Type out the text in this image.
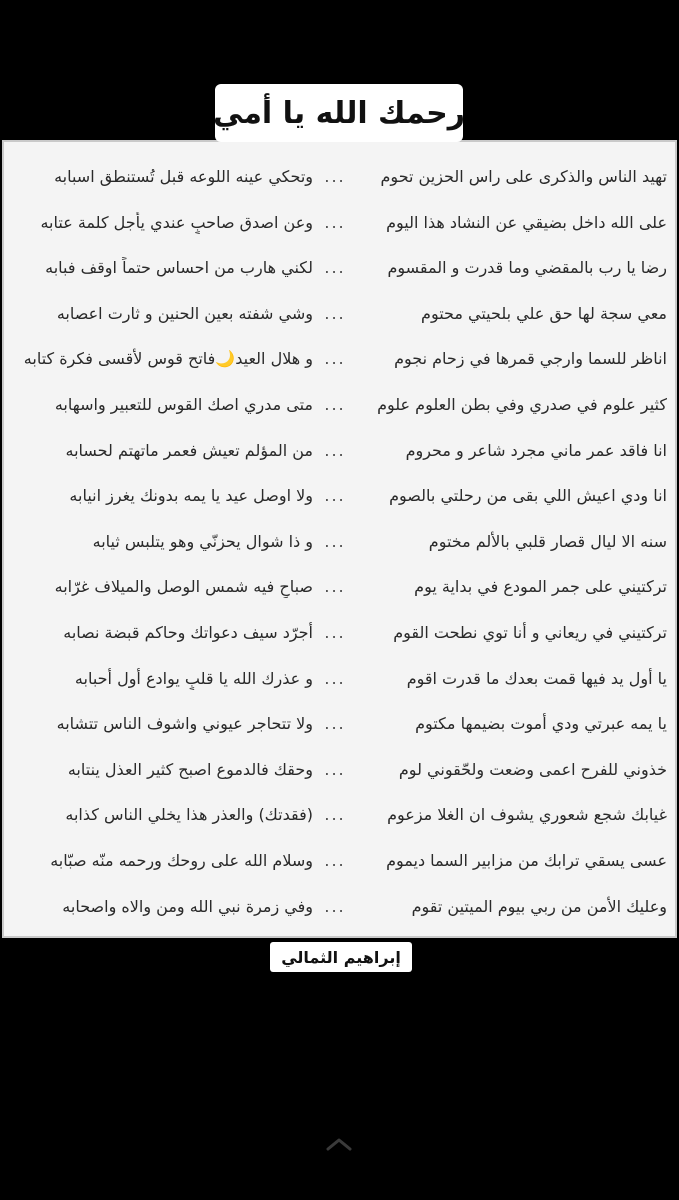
رحمك الله يا أمي
تهيد الناس والذكرى على راس الحزين تحوم
...
وتحكي عينه اللوعه قبل تُستنطق اسبابه
على الله داخل بضيقي عن النشاد هذا اليوم
...
وعن اصدق صاحبٍ عندي يأجل كلمة عتابه
رضا يا رب بالمقضي وما قدرت و المقسوم
...
لكني هارب من احساس حتماً اوقف فبابه
معي سجة لها حق علي بلحيتي محتوم
...
وشي شفته بعين الحنين و ثارت اعصابه
اناظر للسما وارجي قمرها في زحام نجوم
...
و هلال العيد🌙فاتح قوس لأقسى فكرة كتابه
كثير علوم في صدري وفي بطن العلوم علوم
...
متى مدري اصك القوس للتعبير واسهابه
انا فاقد عمر ماني مجرد شاعر و محروم
...
من المؤلم تعيش فعمر ماتهتم لحسابه
انا ودي اعيش اللي بقى من رحلتي بالصوم
...
ولا اوصل عيد يا يمه بدونك يغرز انيابه
سنه الا ليال قصار قلبي بالألم مختوم
...
و ذا شوال يحزنّي وهو يتلبس ثيابه
تركتيني على جمر المودع في بداية يوم
...
صباحٍ فيه شمس الوصل والميلاف غرّابه
تركتيني في ريعاني و أنا توي نطحت القوم
...
أجرّد سيف دعواتك وحاكم قبضة نصابه
يا أول يد فيها قمت بعدك ما قدرت اقوم
...
و عذرك الله يا قلبٍ يوادع أول أحبابه
يا يمه عبرتي ودي أموت بضيمها مكتوم
...
ولا تتحاجر عيوني واشوف الناس تتشابه
خذوني للفرح اعمى وضعت ولحّقوني لوم
...
وحقك فالدموع اصبح كثير العذل ينتابه
غيابك شجع شعوري يشوف ان الغلا مزعوم
...
(فقدتك) والعذر هذا يخلي الناس كذابه
عسى يسقي ترابك من مزابير السما ديموم
...
وسلام الله على روحك ورحمه منّه صبّابه
وعليك الأمن من ربي بيوم الميتين تقوم
...
وفي زمرة نبي الله ومن والاه واصحابه
إبراهيم الثمالي
